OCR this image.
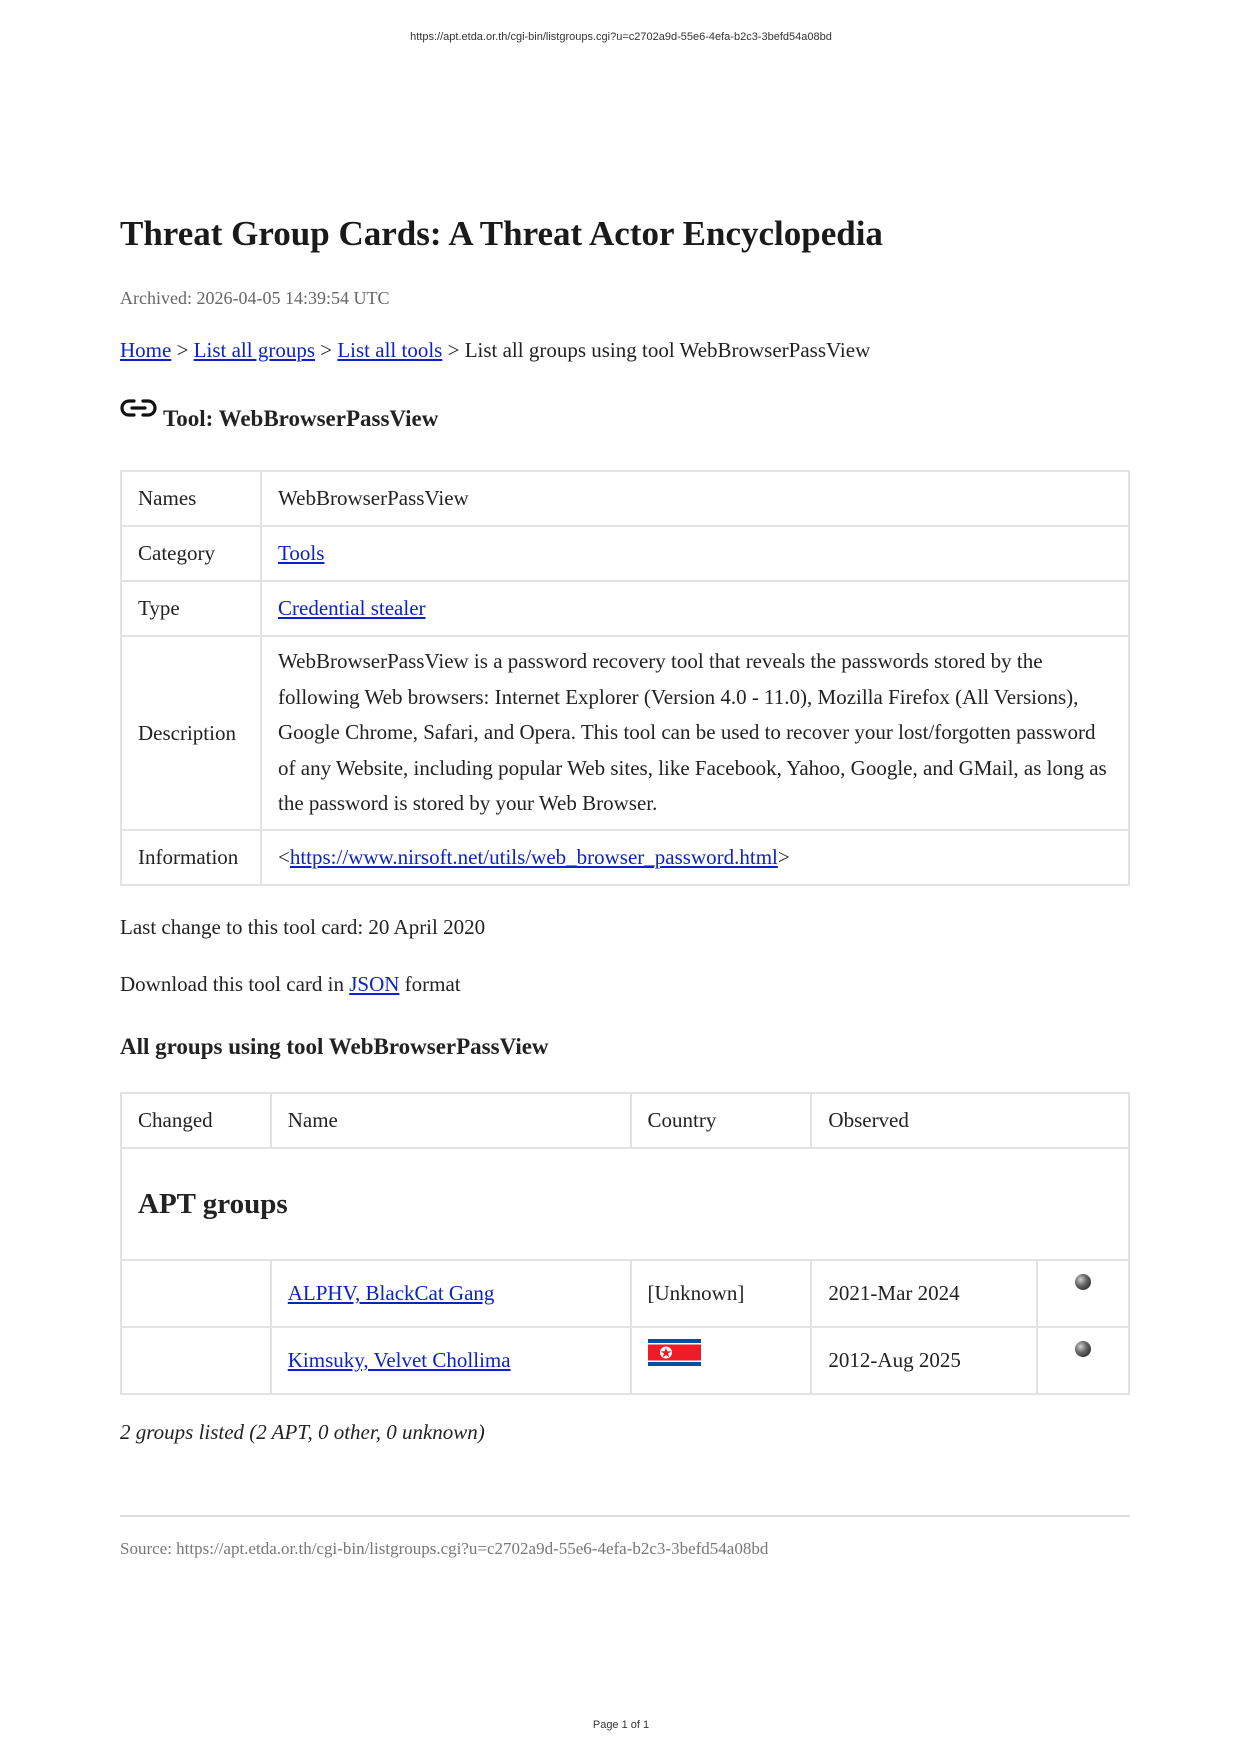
https://apt.etda.or.th/cgi-bin/listgroups.cgi?u=c2702a9d-55e6-4efa-b2c3-3befd54a08bd
Threat Group Cards: A Threat Actor Encyclopedia
Archived: 2026-04-05 14:39:54 UTC
Home > List all groups > List all tools > List all groups using tool WebBrowserPassView
Tool: WebBrowserPassView
Names	WebBrowserPassView
Category	Tools
Type	Credential stealer
Description	WebBrowserPassView is a password recovery tool that reveals the passwords stored by the following Web browsers: Internet Explorer (Version 4.0 - 11.0), Mozilla Firefox (All Versions), Google Chrome, Safari, and Opera. This tool can be used to recover your lost/forgotten password of any Website, including popular Web sites, like Facebook, Yahoo, Google, and GMail, as long as the password is stored by your Web Browser.
Information	<https://www.nirsoft.net/utils/web_browser_password.html>
Last change to this tool card: 20 April 2020
Download this tool card in JSON format
All groups using tool WebBrowserPassView
Changed	Name	Country	Observed	
APT groups				
	ALPHV, BlackCat Gang	[Unknown]	2021-Mar 2024	
	Kimsuky, Velvet Chollima		2012-Aug 2025	
2 groups listed (2 APT, 0 other, 0 unknown)
Source: https://apt.etda.or.th/cgi-bin/listgroups.cgi?u=c2702a9d-55e6-4efa-b2c3-3befd54a08bd
Page 1 of 1
